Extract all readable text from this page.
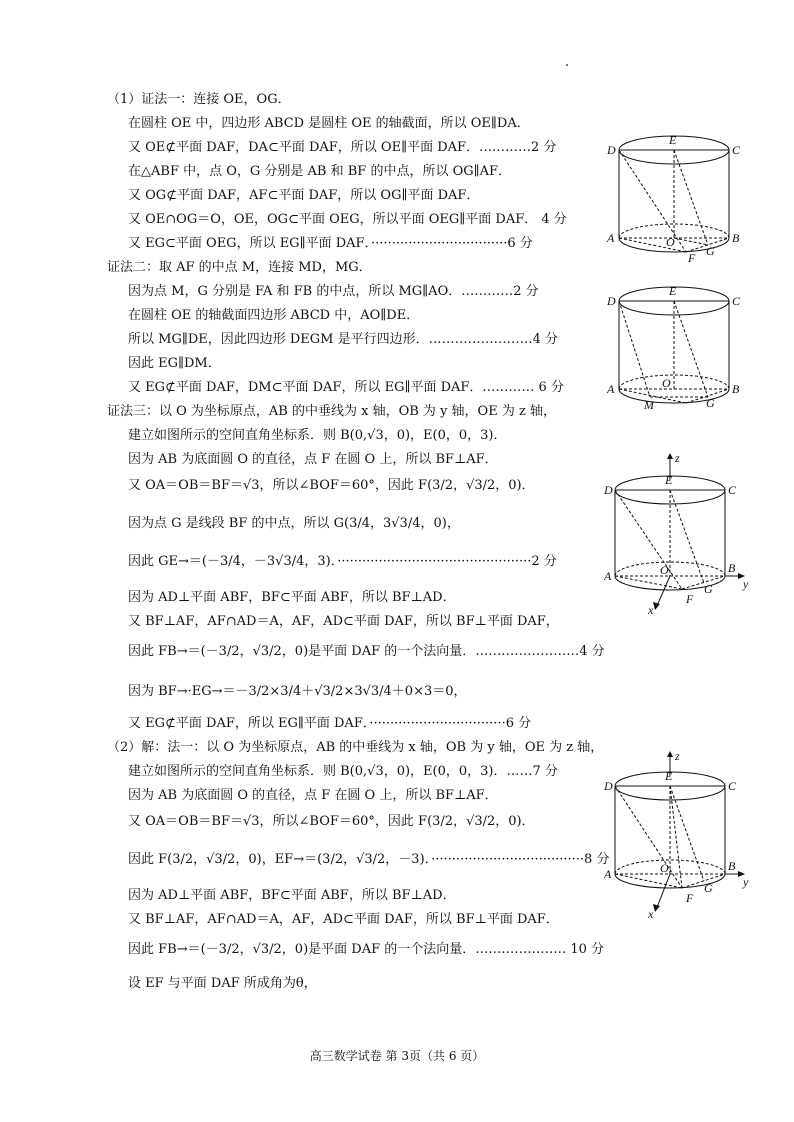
（1）证法一：连接 OE，OG．
在圆柱 OE 中，四边形 ABCD 是圆柱 OE 的轴截面，所以 OE∥DA．
又 OE⊄平面 DAF，DA⊂平面 DAF，所以 OE∥平面 DAF．…………2 分
在△ABF 中，点 O，G 分别是 AB 和 BF 的中点，所以 OG∥AF．
又 OG⊄平面 DAF，AF⊂平面 DAF，所以 OG∥平面 DAF．
又 OE∩OG＝O，OE，OG⊂平面 OEG，所以平面 OEG∥平面 DAF． 4 分
又 EG⊂平面 OEG，所以 EG∥平面 DAF．·································6 分
证法二：取 AF 的中点 M，连接 MD，MG．
因为点 M，G 分别是 FA 和 FB 的中点，所以 MG∥AO．…………2 分
在圆柱 OE 的轴截面四边形 ABCD 中，AO∥DE．
所以 MG∥DE，因此四边形 DEGM 是平行四边形．……………………4 分
因此 EG∥DM．
又 EG⊄平面 DAF，DM⊂平面 DAF，所以 EG∥平面 DAF．………… 6 分
证法三：以 O 为坐标原点，AB 的中垂线为 x 轴，OB 为 y 轴，OE 为 z 轴，
建立如图所示的空间直角坐标系．则 B(0,√3，0)，E(0，0，3)．
因为 AB 为底面圆 O 的直径，点 F 在圆 O 上，所以 BF⊥AF．
又 OA＝OB＝BF＝√3，所以∠BOF＝60°，因此 F(3/2，√3/2，0)．
因为点 G 是线段 BF 的中点，所以 G(3/4，3√3/4，0)，
因此 GE→＝(－3/4，－3√3/4，3)．···············································2 分
因为 AD⊥平面 ABF，BF⊂平面 ABF，所以 BF⊥AD．
又 BF⊥AF，AF∩AD＝A，AF，AD⊂平面 DAF，所以 BF⊥平面 DAF，
因此 FB→＝(－3/2，√3/2，0)是平面 DAF 的一个法向量．……………………4 分
因为 BF→·EG→＝－3/2×3/4＋√3/2×3√3/4＋0×3＝0，
又 EG⊄平面 DAF，所以 EG∥平面 DAF．·································6 分
（2）解：法一：以 O 为坐标原点，AB 的中垂线为 x 轴，OB 为 y 轴，OE 为 z 轴，
建立如图所示的空间直角坐标系．则 B(0,√3，0)，E(0，0，3)．……7 分
因为 AB 为底面圆 O 的直径，点 F 在圆 O 上，所以 BF⊥AF．
又 OA＝OB＝BF＝√3，所以∠BOF＝60°，因此 F(3/2，√3/2，0)．
因此 F(3/2，√3/2，0)，EF→＝(3/2，√3/2，－3)．·····································8 分
因为 AD⊥平面 ABF，BF⊂平面 ABF，所以 BF⊥AD．
又 BF⊥AF，AF∩AD＝A，AF，AD⊂平面 DAF，所以 BF⊥平面 DAF．
因此 FB→＝(－3/2，√3/2，0)是平面 DAF 的一个法向量．………………… 10 分
设 EF 与平面 DAF 所成角为θ，
D
E
C
A	O	B
F G
D
E
C
A	O	B
M	G
z
D
E
C
A	O	B
y
F
G
x
z
D
E
C
A	O	B
y
F
G
x
高三数学试卷 第 3页（共 6 页）
